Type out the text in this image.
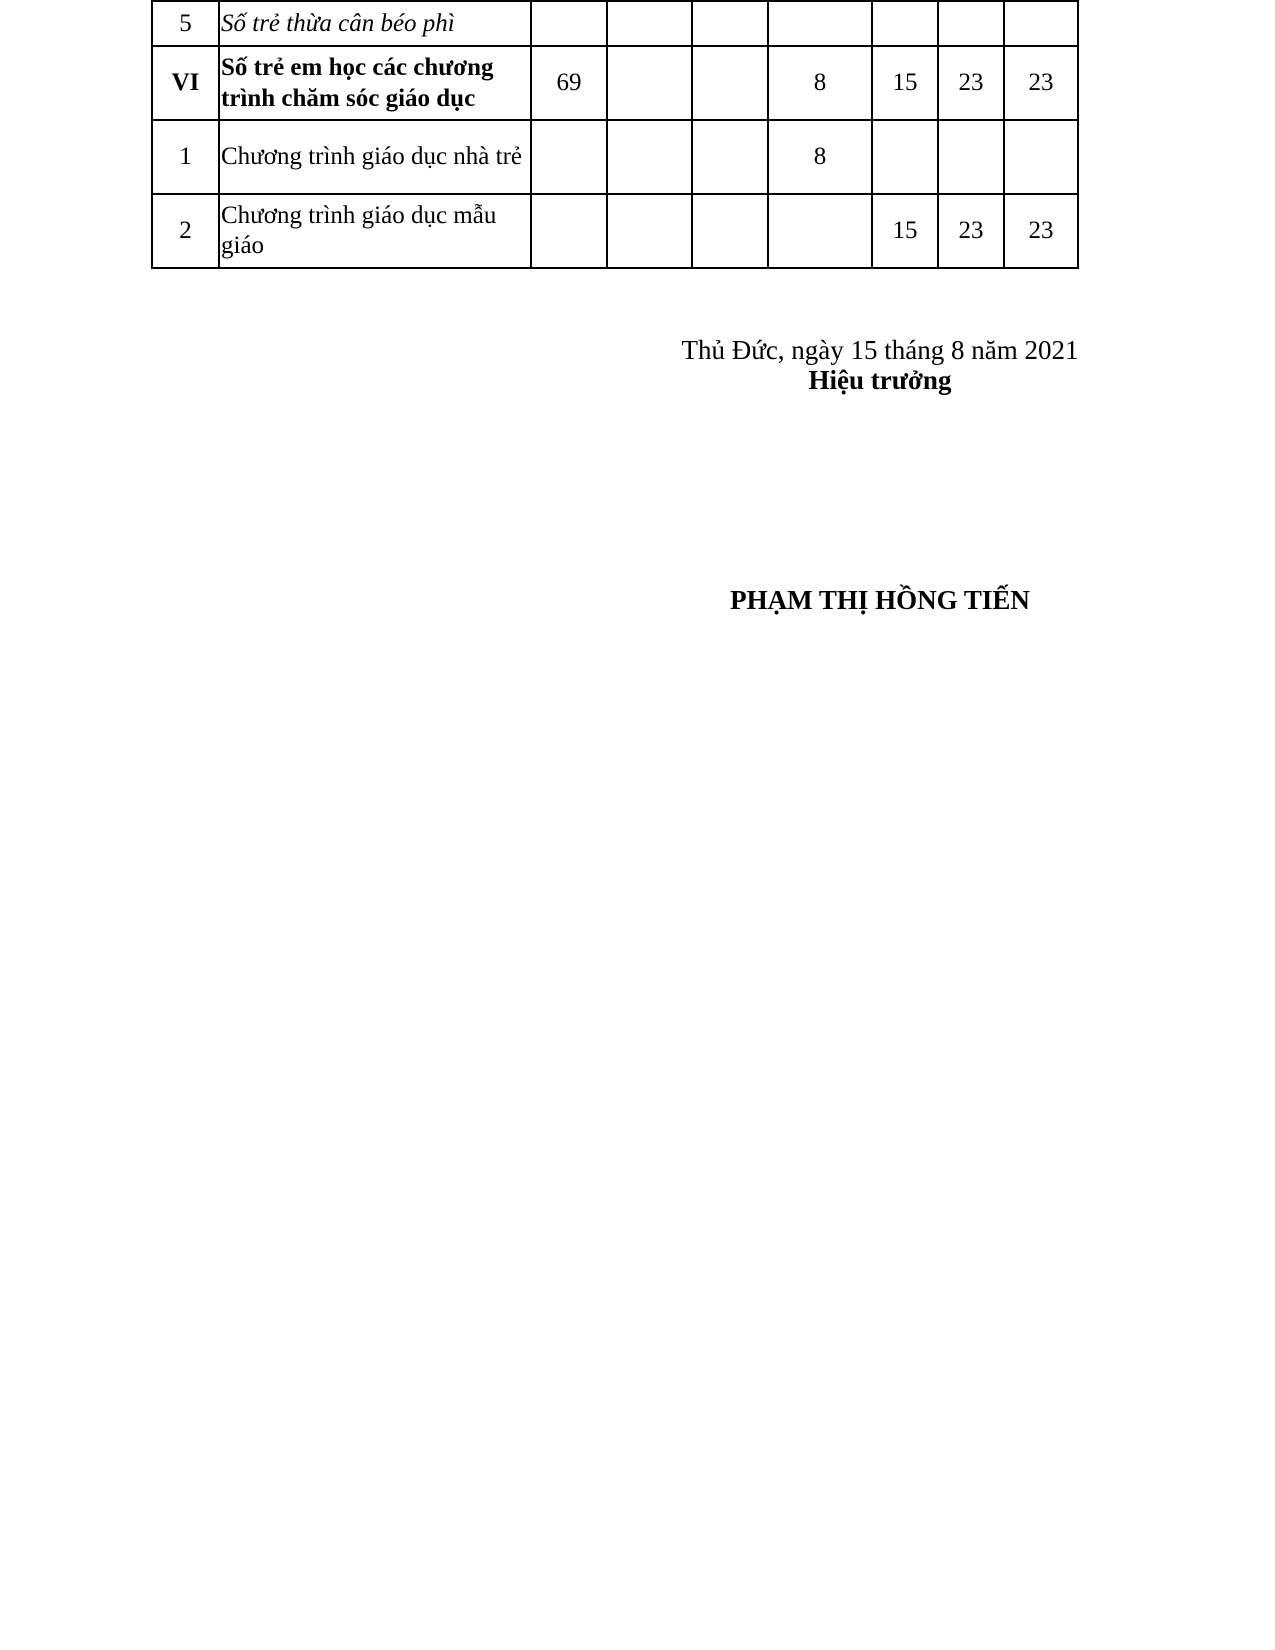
5	Số trẻ thừa cân béo phì							
VI	Số trẻ em học các chương trình chăm sóc giáo dục	69			8	15	23	23
1	Chương trình giáo dục nhà trẻ				8			
2	Chương trình giáo dục mẫu giáo					15	23	23
Thủ Đức, ngày 15 tháng 8 năm 2021
Hiệu trưởng
PHẠM THỊ HỒNG TIẾN
